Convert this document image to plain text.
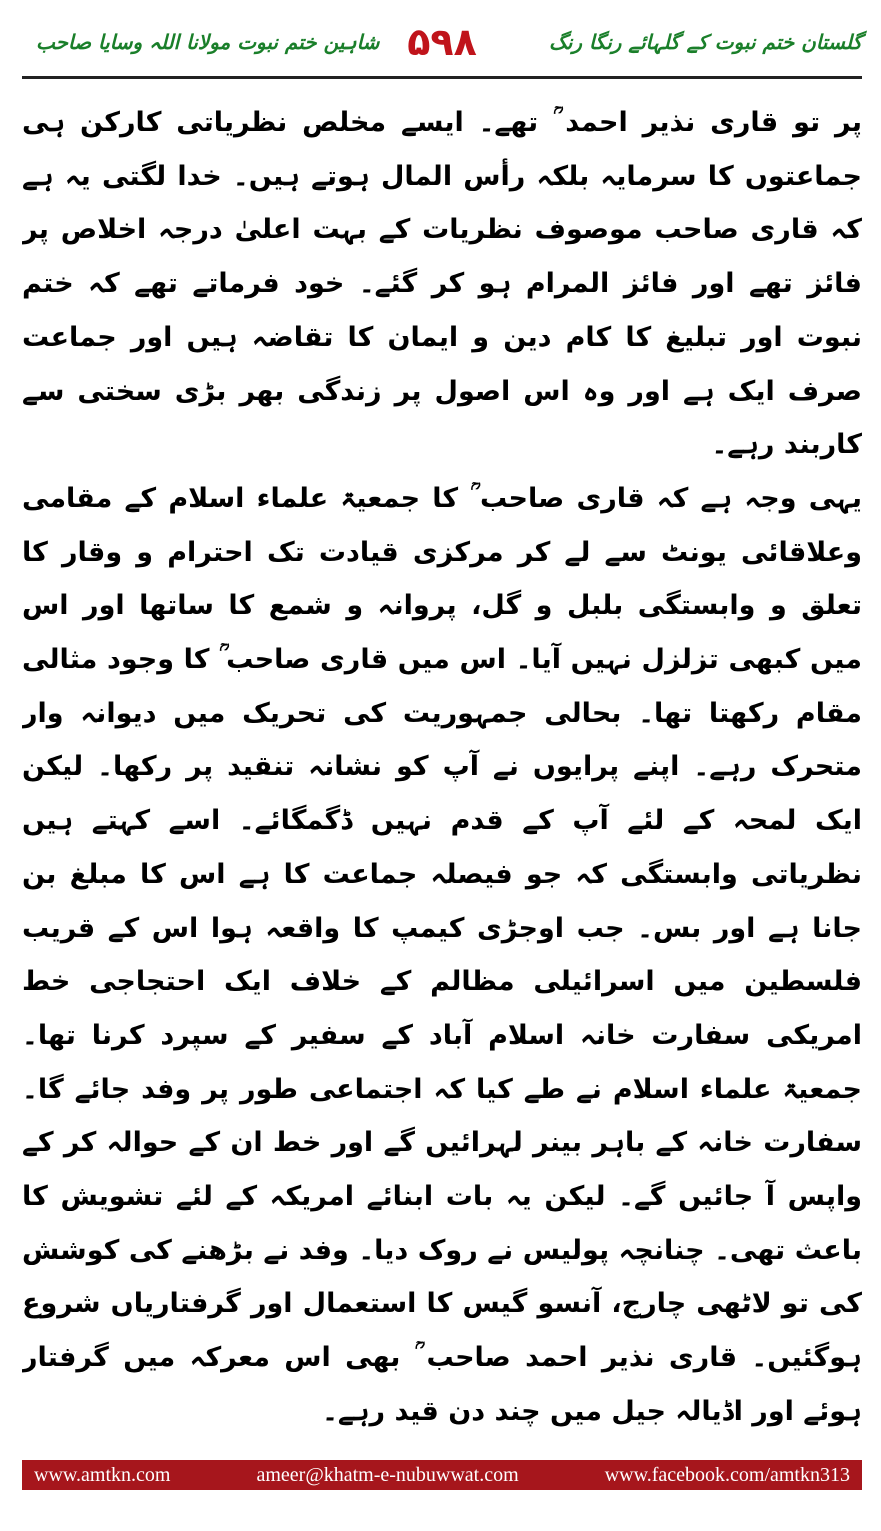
شاہین ختم نبوت مولانا اللہ وسایا صاحب ۵۹۸	گلستان ختم نبوت کے گلہائے رنگا رنگ

پر تو قاری نذیر احمد ؒ تھے۔ ایسے مخلص نظریاتی کارکن ہی جماعتوں کا سرمایہ بلکہ رأس المال ہوتے ہیں۔ خدا لگتی یہ ہے کہ قاری صاحب موصوف نظریات کے بہت اعلیٰ درجہ اخلاص پر فائز تھے اور فائز المرام ہو کر گئے۔ خود فرماتے تھے کہ ختم نبوت اور تبلیغ کا کام دین و ایمان کا تقاضہ ہیں اور جماعت صرف ایک ہے اور وہ اس اصول پر زندگی بھر بڑی سختی سے کاربند رہے۔

یہی وجہ ہے کہ قاری صاحب ؒ کا جمعیۃ علماء اسلام کے مقامی وعلاقائی یونٹ سے لے کر مرکزی قیادت تک احترام و وقار کا تعلق و وابستگی بلبل و گل، پروانہ و شمع کا ساتھا اور اس میں کبھی تزلزل نہیں آیا۔ اس میں قاری صاحب ؒ کا وجود مثالی مقام رکھتا تھا۔ بحالی جمہوریت کی تحریک میں دیوانہ وار متحرک رہے۔ اپنے پرایوں نے آپ کو نشانہ تنقید پر رکھا۔ لیکن ایک لمحہ کے لئے آپ کے قدم نہیں ڈگمگائے۔ اسے کہتے ہیں نظریاتی وابستگی کہ جو فیصلہ جماعت کا ہے اس کا مبلغ بن جانا ہے اور بس۔ جب اوجڑی کیمپ کا واقعہ ہوا اس کے قریب فلسطین میں اسرائیلی مظالم کے خلاف ایک احتجاجی خط امریکی سفارت خانہ اسلام آباد کے سفیر کے سپرد کرنا تھا۔ جمعیۃ علماء اسلام نے طے کیا کہ اجتماعی طور پر وفد جائے گا۔ سفارت خانہ کے باہر بینر لہرائیں گے اور خط ان کے حوالہ کر کے واپس آ جائیں گے۔ لیکن یہ بات ابنائے امریکہ کے لئے تشویش کا باعث تھی۔ چنانچہ پولیس نے روک دیا۔ وفد نے بڑھنے کی کوشش کی تو لاٹھی چارج، آنسو گیس کا استعمال اور گرفتاریاں شروع ہوگئیں۔ قاری نذیر احمد صاحب ؒ بھی اس معرکہ میں گرفتار ہوئے اور اڈیالہ جیل میں چند دن قید رہے۔

www.amtkn.com	ameer@khatm-e-nubuwwat.com	www.facebook.com/amtkn313
